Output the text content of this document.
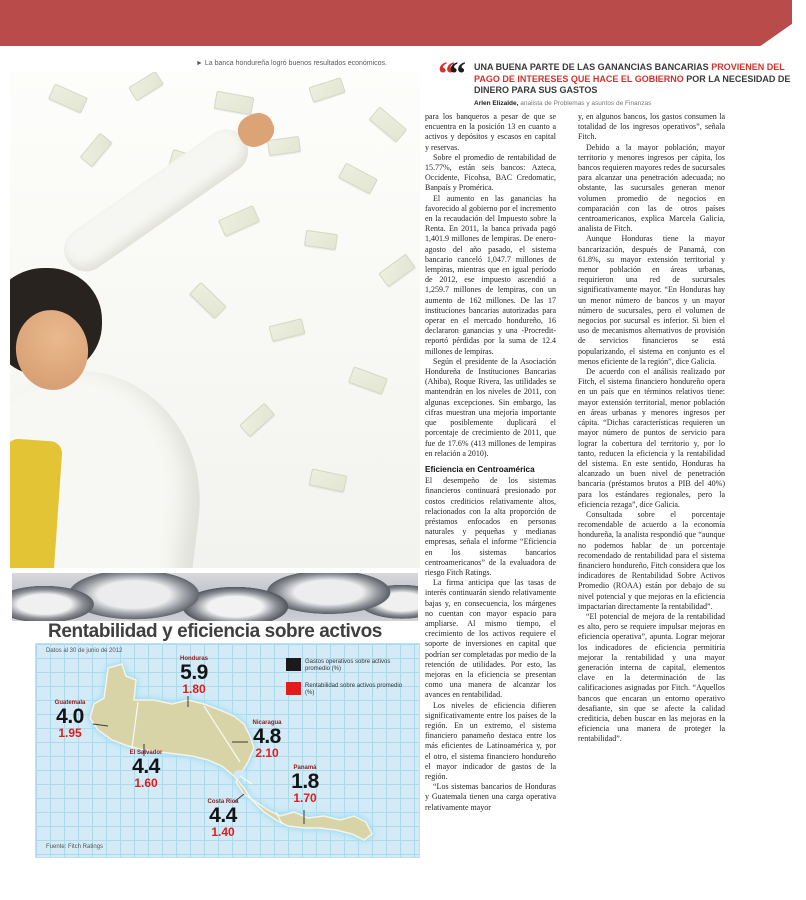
► La banca hondureña logró buenos resultados económicos.	““ UNA BUENA PARTE DE LAS GANANCIAS BANCARIAS PROVIENEN DEL PAGO DE INTERESES QUE HACE EL GOBIERNO POR LA NECESIDAD DE DINERO PARA SUS GASTOS
Arlen Elizalde, analista de Problemas y asuntos de Finanzas

para los banqueros a pesar de que se encuentra en la posición 13 en cuanto a activos y depósitos y escasos en capital y reservas.

Sobre el promedio de rentabilidad de 15.77%, están seis bancos: Azteca, Occidente, Ficohsa, BAC Credomatic, Banpaís y Promérica.

El aumento en las ganancias ha favorecido al gobierno por el incremento en la recaudación del Impuesto sobre la Renta. En 2011, la banca privada pagó 1,401.9 millones de lempiras. De enero-agosto del año pasado, el sistema bancario canceló 1,047.7 millones de lempiras, mientras que en igual período de 2012, ese impuesto ascendió a 1,259.7 millones de lempiras, con un aumento de 162 millones. De las 17 instituciones bancarias autorizadas para operar en el mercado hondureño, 16 declararon ganancias y una -Procredit- reportó pérdidas por la suma de 12.4 millones de lempiras.

Según el presidente de la Asociación Hondureña de Instituciones Bancarias (Ahiba), Roque Rivera, las utilidades se mantendrán en los niveles de 2011, con algunas excepciones. Sin embargo, las cifras muestran una mejoría importante que posiblemente duplicará el porcentaje de crecimiento de 2011, que fue de 17.6% (413 millones de lempiras en relación a 2010).

Eficiencia en Centroamérica

El desempeño de los sistemas financieros continuará presionado por costos crediticios relativamente altos, relacionados con la alta proporción de préstamos enfocados en personas naturales y pequeñas y medianas empresas, señala el informe “Eficiencia en los sistemas bancarios centroamericanos” de la evaluadora de riesgo Fitch Ratings.

La firma anticipa que las tasas de interés continuarán siendo relativamente bajas y, en consecuencia, los márgenes no cuentan con mayor espacio para ampliarse. Al mismo tiempo, el crecimiento de los activos requiere el soporte de inversiones en capital que podrían ser completadas por medio de la retención de utilidades. Por esto, las mejoras en la eficiencia se presentan como una manera de alcanzar los avances en rentabilidad.

Los niveles de eficiencia difieren significativamente entre los países de la región. En un extremo, el sistema financiero panameño destaca entre los más eficientes de Latinoamérica y, por el otro, el sistema financiero hondureño el mayor indicador de gastos de la región.

“Los sistemas bancarios de Honduras y Guatemala tienen una carga operativa relativamente mayor

y, en algunos bancos, los gastos consumen la totalidad de los ingresos operativos”, señala Fitch.

Debido a la mayor población, mayor territorio y menores ingresos per cápita, los bancos requieren mayores redes de sucursales para alcanzar una penetración adecuada; no obstante, las sucursales generan menor volumen promedio de negocios en comparación con las de otros países centroamericanos, explica Marcela Galicia, analista de Fitch.

Aunque Honduras tiene la mayor bancarización, después de Panamá, con 61.8%, su mayor extensión territorial y menor población en áreas urbanas, requirieron una red de sucursales significativamente mayor. “En Honduras hay un menor número de bancos y un mayor número de sucursales, pero el volumen de negocios por sucursal es inferior. Si bien el uso de mecanismos alternativos de provisión de servicios financieros se está popularizando, el sistema en conjunto es el menos eficiente de la región”, dice Galicia.

De acuerdo con el análisis realizado por Fitch, el sistema financiero hondureño opera en un país que en términos relativos tiene: mayor extensión territorial, menor población en áreas urbanas y menores ingresos per cápita. “Dichas características requieren un mayor número de puntos de servicio para lograr la cobertura del territorio y, por lo tanto, reducen la eficiencia y la rentabilidad del sistema. En este sentido, Honduras ha alcanzado un buen nivel de penetración bancaria (préstamos brutos a PIB del 40%) para los estándares regionales, pero la eficiencia rezaga”, dice Galicia.

Consultada sobre el porcentaje recomendable de acuerdo a la economía hondureña, la analista respondió que “aunque no podemos hablar de un porcentaje recomendado de rentabilidad para el sistema financiero hondureño, Fitch considera que los indicadores de Rentabilidad Sobre Activos Promedio (ROAA) están por debajo de su nivel potencial y que mejoras en la eficiencia impactarían directamente la rentabilidad”.

“El potencial de mejora de la rentabilidad es alto, pero se requiere impulsar mejoras en eficiencia operativa”, apunta. Lograr mejorar los indicadores de eficiencia permitiría mejorar la rentabilidad y una mayor generación interna de capital, elementos clave en la determinación de las calificaciones asignadas por Fitch. “Aquellos bancos que encaran un entorno operativo desafiante, sin que se afecte la calidad crediticia, deben buscar en las mejoras en la eficiencia una manera de proteger la rentabilidad”.

Rentabilidad y eficiencia sobre activos
Datos al 30 de junio de 2012
Honduras
5.9
1.80
Guatemala
4.0
1.95
El Salvador
4.4
1.60
Nicaragua
4.8
2.10
Panamá
1.8
1.70
Costa Rica
4.4
1.40
Gastos operativos sobre activos promedio (%)
Rentabilidad sobre activos promedio (%)
Fuente: Fitch Ratings
